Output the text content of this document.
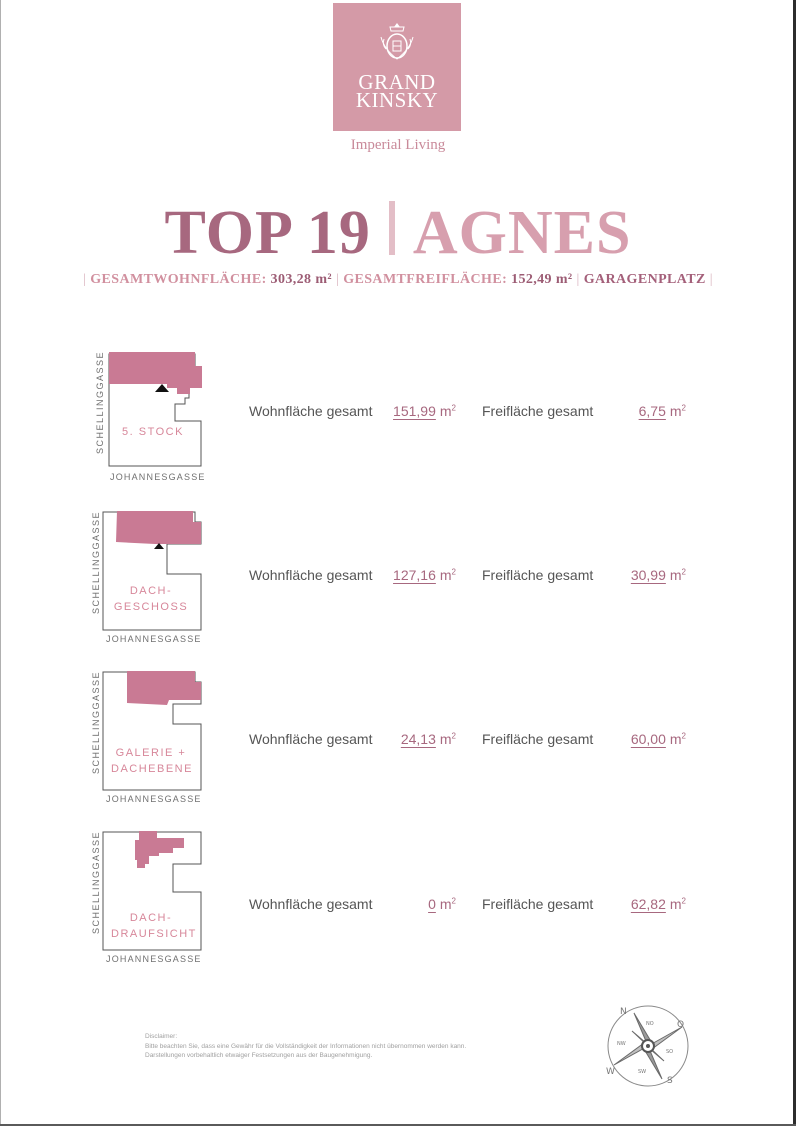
GRAND
KINSKY
Imperial Living
TOP 19 AGNES
| GESAMTWOHNFLÄCHE: 303,28 m² | GESAMTFREIFLÄCHE: 152,49 m² | GARAGENPLATZ |
SCHELLINGGASSE
JOHANNESGASSE
5. STOCK
Wohnfläche gesamt	151,99 $m^2$ Freifläche gesamt	6,75 $m^2$
SCHELLINGGASSE
JOHANNESGASSE
DACH-
GESCHOSS
Wohnfläche gesamt	127,16 $m^2$ Freifläche gesamt	30,99 $m^2$
SCHELLINGGASSE
JOHANNESGASSE
GALERIE +
DACHEBENE
Wohnfläche gesamt	24,13 $m^2$ Freifläche gesamt	60,00 $m^2$
SCHELLINGGASSE
JOHANNESGASSE
DACH-
DRAUFSICHT
Wohnfläche gesamt	0 $m^2$ Freifläche gesamt	62,82 $m^2$
Disclaimer:
Bitte beachten Sie, dass eine Gewähr für die Vollständigkeit der Informationen nicht übernommen werden kann.
Darstellungen vorbehaltlich etwaiger Festsetzungen aus der Baugenehmigung.
N
NO	O
SO
S
SW
W
NW
